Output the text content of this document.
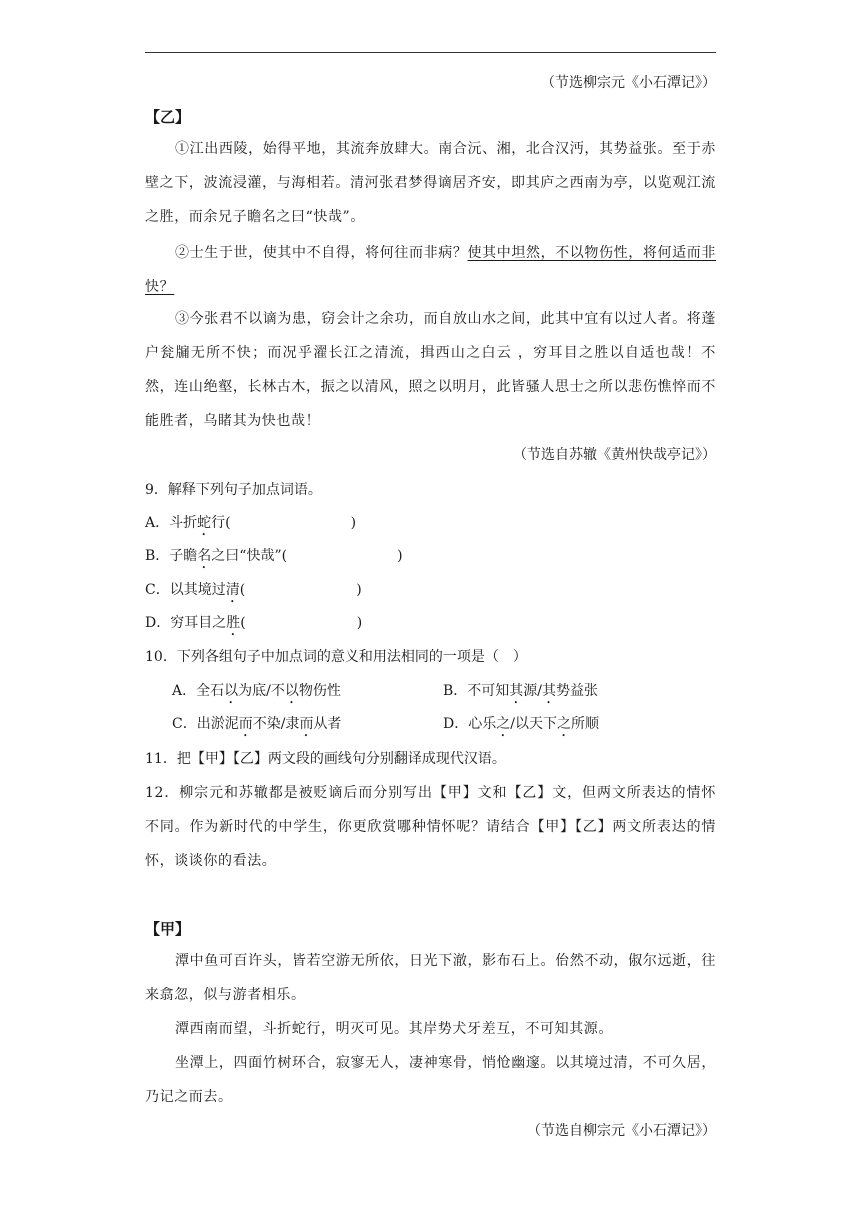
（节选柳宗元《小石潭记》）
【乙】
①江出西陵，始得平地，其流奔放肆大。南合沅、湘，北合汉沔，其势益张。至于赤壁之下，波流浸灌，与海相若。清河张君梦得谪居齐安，即其庐之西南为亭，以览观江流之胜，而余兄子瞻名之曰“快哉”。
②士生于世，使其中不自得，将何往而非病？使其中坦然，不以物伤性，将何适而非快？
③今张君不以谪为患，窃会计之余功，而自放山水之间，此其中宜有以过人者。将蓬户瓮牖无所不快；而况乎濯长江之清流，揖西山之白云 ，穷耳目之胜以自适也哉！不然，连山绝壑，长林古木，振之以清风，照之以明月，此皆骚人思士之所以悲伤憔悴而不能胜者，乌睹其为快也哉！
（节选自苏辙《黄州快哉亭记》）
9．解释下列句子加点词语。
A．斗折蛇行(	)
B．子瞻名之曰“快哉”(	)
C．以其境过清(	)
D．穷耳目之胜(	)
10．下列各组句子中加点词的意义和用法相同的一项是（　）
A．全石以为底/不以物伤性	B．不可知其源/其势益张
C．出淤泥而不染/隶而从者	D．心乐之/以天下之所顺
11．把【甲】【乙】两文段的画线句分别翻译成现代汉语。
12．柳宗元和苏辙都是被贬谪后而分别写出【甲】文和【乙】文，但两文所表达的情怀不同。作为新时代的中学生，你更欣赏哪种情怀呢？请结合【甲】【乙】两文所表达的情怀，谈谈你的看法。
【甲】
潭中鱼可百许头，皆若空游无所依，日光下澈，影布石上。佁然不动，俶尔远逝，往来翕忽，似与游者相乐。
潭西南而望，斗折蛇行，明灭可见。其岸势犬牙差互，不可知其源。
坐潭上，四面竹树环合，寂寥无人，凄神寒骨，悄怆幽邃。以其境过清，不可久居，乃记之而去。
（节选自柳宗元《小石潭记》）
